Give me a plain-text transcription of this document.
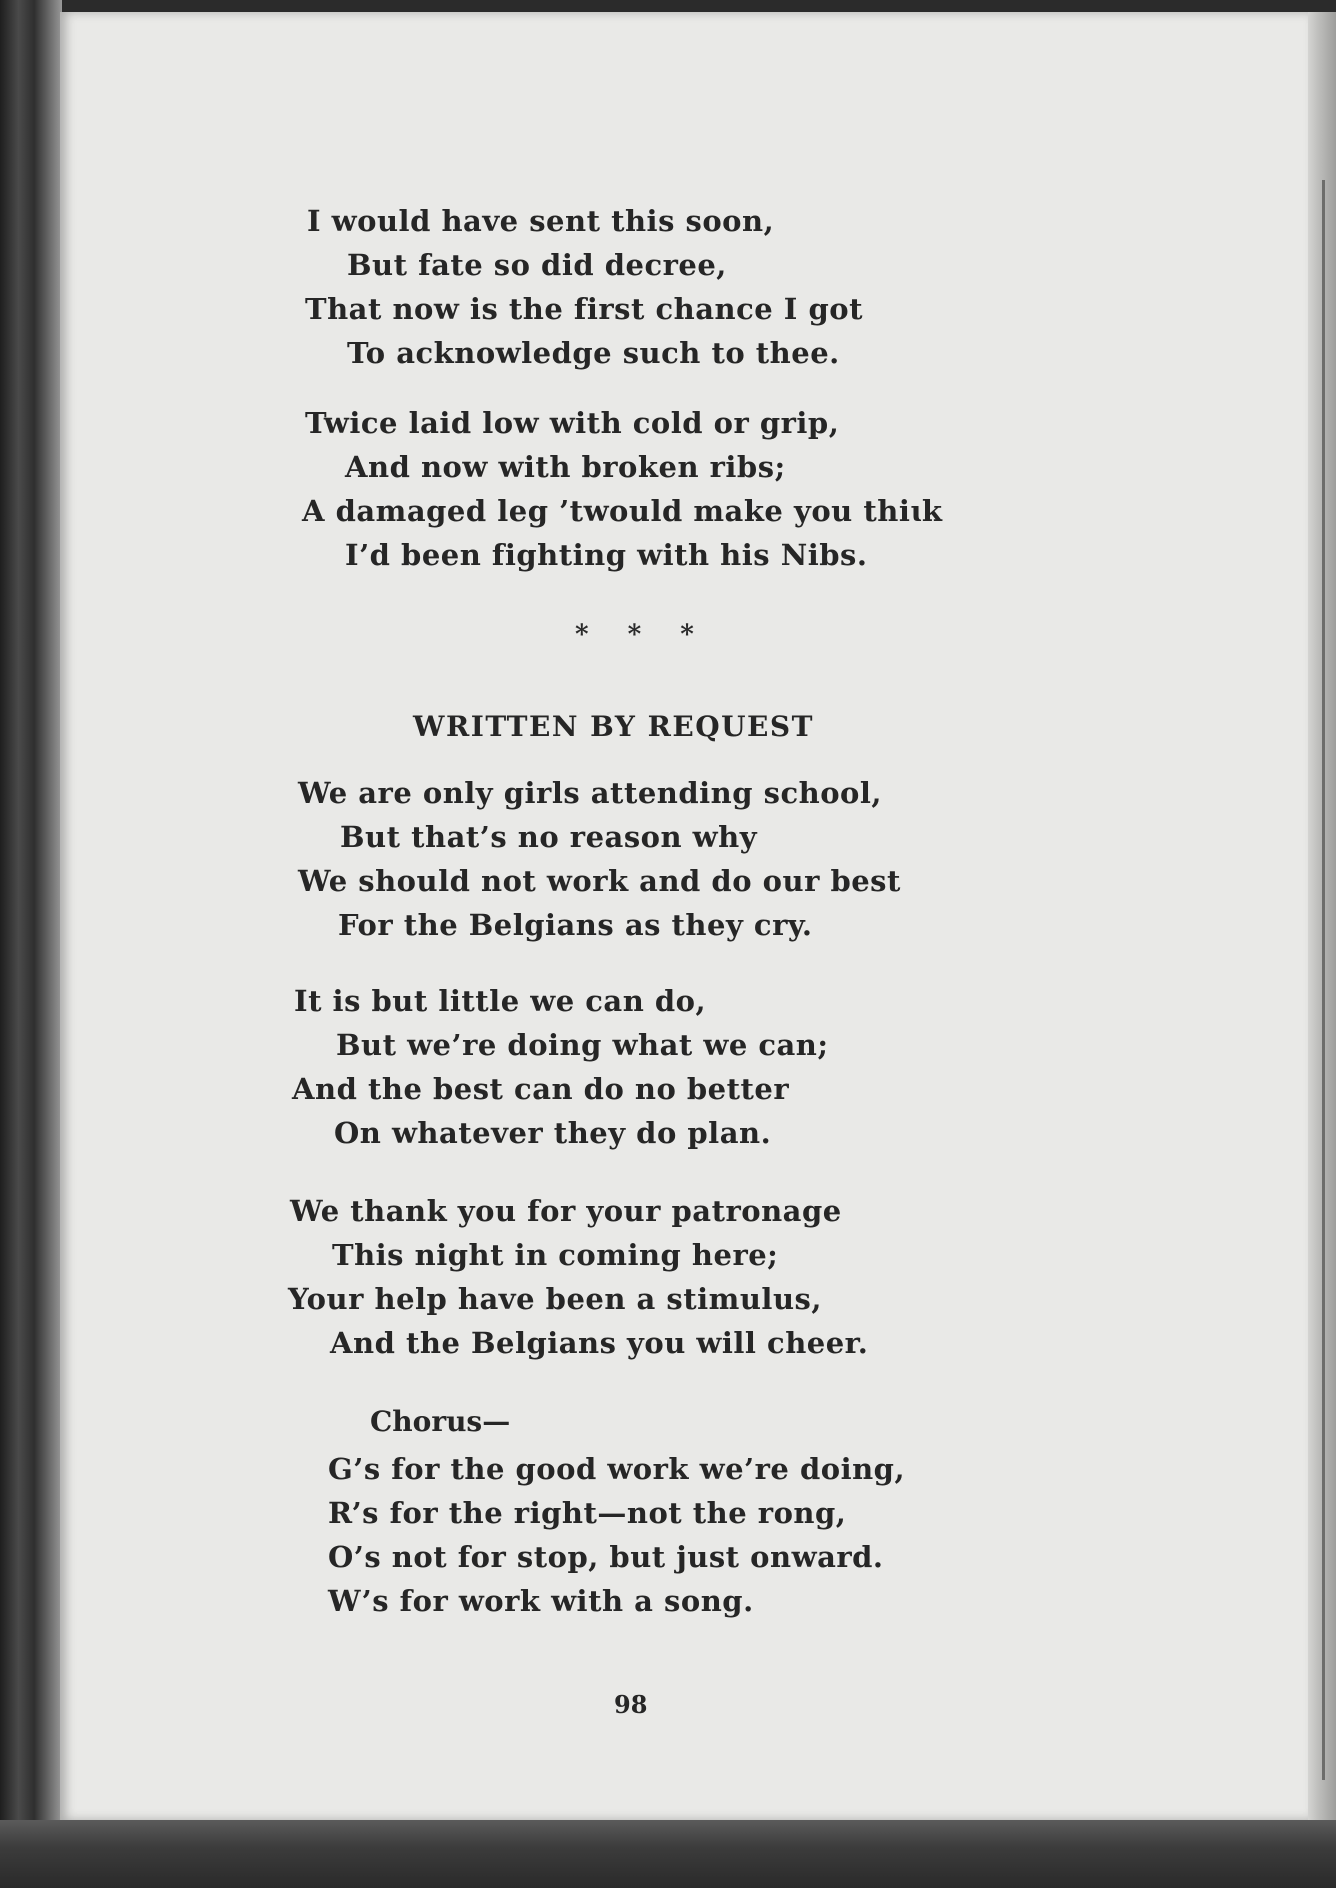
I would have sent this soon,
But fate so did decree,
That now is the first chance I got
To acknowledge such to thee.
Twice laid low with cold or grip,
And now with broken ribs;
A damaged leg ’twould make you thiɩk
I’d been fighting with his Nibs.
* * *
WRITTEN BY REQUEST
We are only girls attending school,
But that’s no reason why
We should not work and do our best
For the Belgians as they cry.
It is but little we can do,
But we’re doing what we can;
And the best can do no better
On whatever they do plan.
We thank you for your patronage
This night in coming here;
Your help have been a stimulus,
And the Belgians you will cheer.
Chorus—
G’s for the good work we’re doing,
R’s for the right—not the rong,
O’s not for stop, but just onward.
W’s for work with a song.
98
